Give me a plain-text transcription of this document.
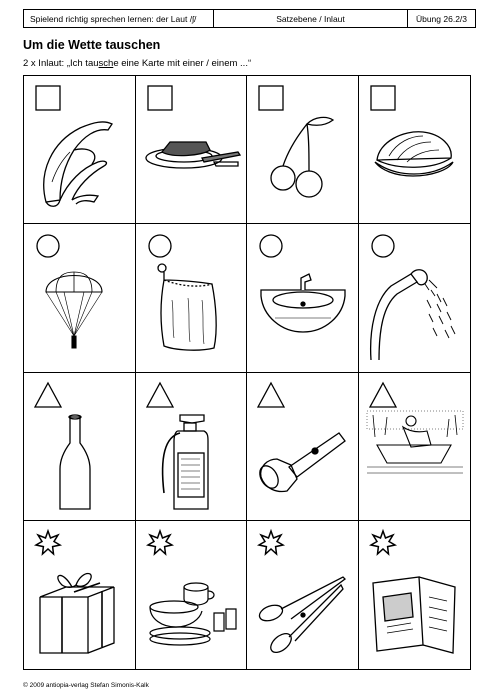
Spielend richtig sprechen lernen: der Laut /ʃ/	Satzebene / Inlaut	Übung 26.2/3
Um die Wette tauschen
2 x Inlaut: „Ich tausche eine Karte mit einer / einem ...“
© 2009 antiopia-verlag Stefan Simonis-Kalk
